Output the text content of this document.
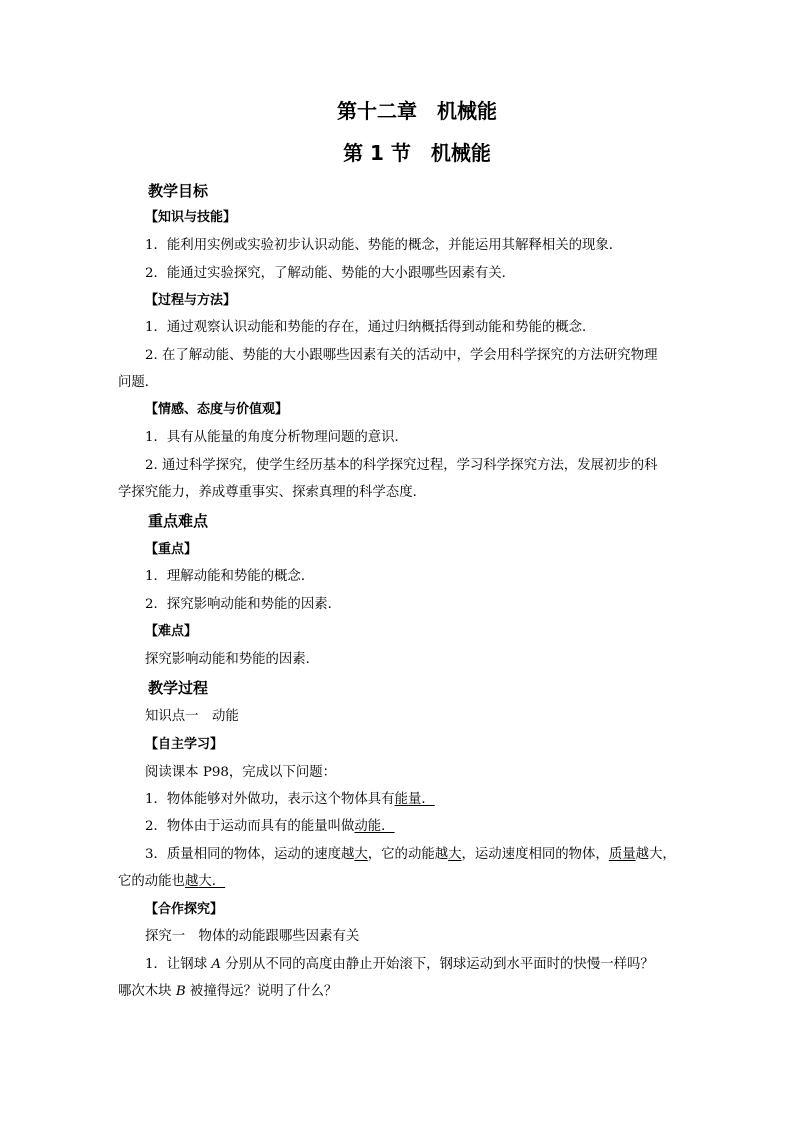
第十二章　机械能
第 1 节　机械能
教学目标
【知识与技能】
1．能利用实例或实验初步认识动能、势能的概念，并能运用其解释相关的现象．
2．能通过实验探究，了解动能、势能的大小跟哪些因素有关．
【过程与方法】
1．通过观察认识动能和势能的存在，通过归纳概括得到动能和势能的概念．
2. 在了解动能、势能的大小跟哪些因素有关的活动中，学会用科学探究的方法研究物理
问题．
【情感、态度与价值观】
1．具有从能量的角度分析物理问题的意识．
2. 通过科学探究，使学生经历基本的科学探究过程，学习科学探究方法，发展初步的科
学探究能力，养成尊重事实、探索真理的科学态度．
重点难点
【重点】
1．理解动能和势能的概念．
2．探究影响动能和势能的因素．
【难点】
探究影响动能和势能的因素．
教学过程
知识点一　动能
【自主学习】
阅读课本 P98，完成以下问题：
1．物体能够对外做功，表示这个物体具有能量．
2．物体由于运动而具有的能量叫做动能．
3．质量相同的物体，运动的速度越大，它的动能越大，运动速度相同的物体，质量越大，
它的动能也越大．
【合作探究】
探究一　物体的动能跟哪些因素有关
1．让钢球 A 分别从不同的高度由静止开始滚下，钢球运动到水平面时的快慢一样吗？
哪次木块 B 被撞得远？说明了什么？
